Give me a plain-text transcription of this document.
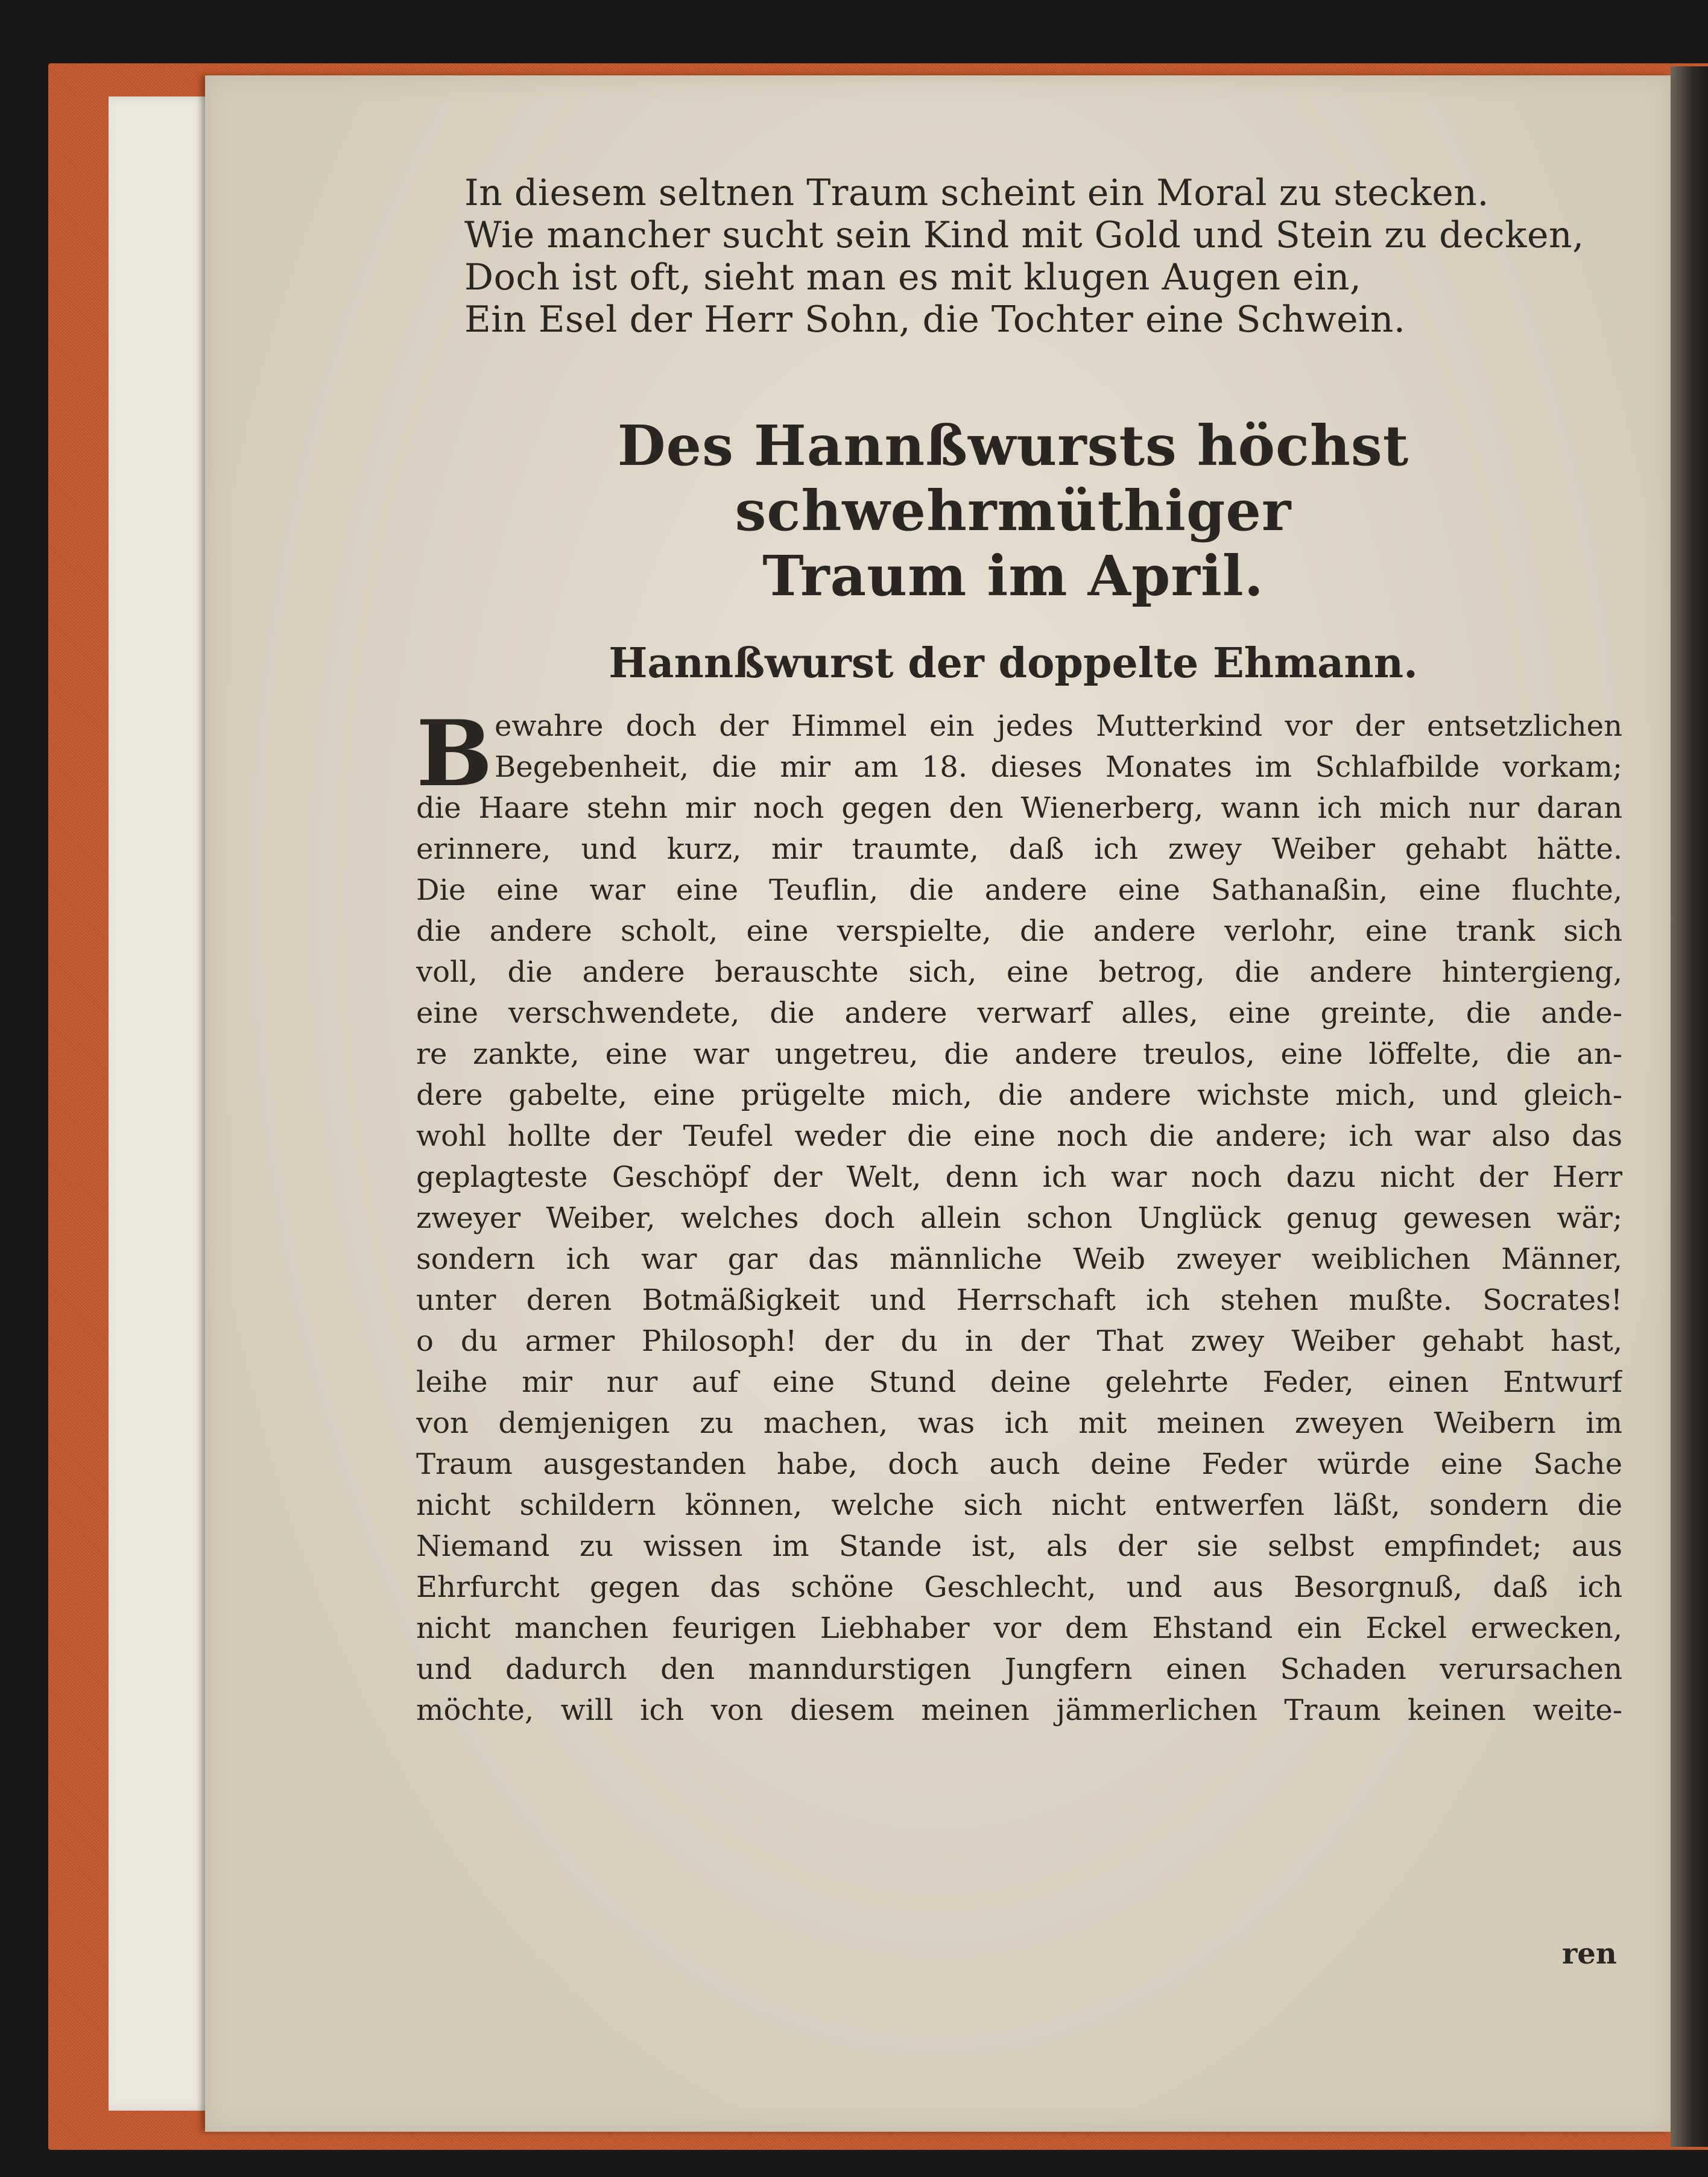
In diesem seltnen Traum scheint ein Moral zu stecken.
Wie mancher sucht sein Kind mit Gold und Stein zu decken,
Doch ist oft, sieht man es mit klugen Augen ein,
Ein Esel der Herr Sohn, die Tochter eine Schwein.
Des Hannßwursts höchst schwehrmüthiger
Traum im April.
Hannßwurst der doppelte Ehmann.
B ewahre doch der Himmel ein jedes Mutterkind vor der entsetzlichen
Begebenheit, die mir am 18. dieses Monates im Schlafbilde vorkam;
die Haare stehn mir noch gegen den Wienerberg, wann ich mich nur daran
erinnere, und kurz, mir traumte, daß ich zwey Weiber gehabt hätte.
Die eine war eine Teuflin, die andere eine Sathanaßin, eine fluchte,
die andere scholt, eine verspielte, die andere verlohr, eine trank sich
voll, die andere berauschte sich, eine betrog, die andere hintergieng,
eine verschwendete, die andere verwarf alles, eine greinte, die ande-
re zankte, eine war ungetreu, die andere treulos, eine löffelte, die an-
dere gabelte, eine prügelte mich, die andere wichste mich, und gleich-
wohl hollte der Teufel weder die eine noch die andere; ich war also das
geplagteste Geschöpf der Welt, denn ich war noch dazu nicht der Herr
zweyer Weiber, welches doch allein schon Unglück genug gewesen wär;
sondern ich war gar das männliche Weib zweyer weiblichen Männer,
unter deren Botmäßigkeit und Herrschaft ich stehen mußte. Socrates!
o du armer Philosoph! der du in der That zwey Weiber gehabt hast,
leihe mir nur auf eine Stund deine gelehrte Feder, einen Entwurf
von demjenigen zu machen, was ich mit meinen zweyen Weibern im
Traum ausgestanden habe, doch auch deine Feder würde eine Sache
nicht schildern können, welche sich nicht entwerfen läßt, sondern die
Niemand zu wissen im Stande ist, als der sie selbst empfindet; aus
Ehrfurcht gegen das schöne Geschlecht, und aus Besorgnuß, daß ich
nicht manchen feurigen Liebhaber vor dem Ehstand ein Eckel erwecken,
und dadurch den manndurstigen Jungfern einen Schaden verursachen
möchte, will ich von diesem meinen jämmerlichen Traum keinen weite-
ren
